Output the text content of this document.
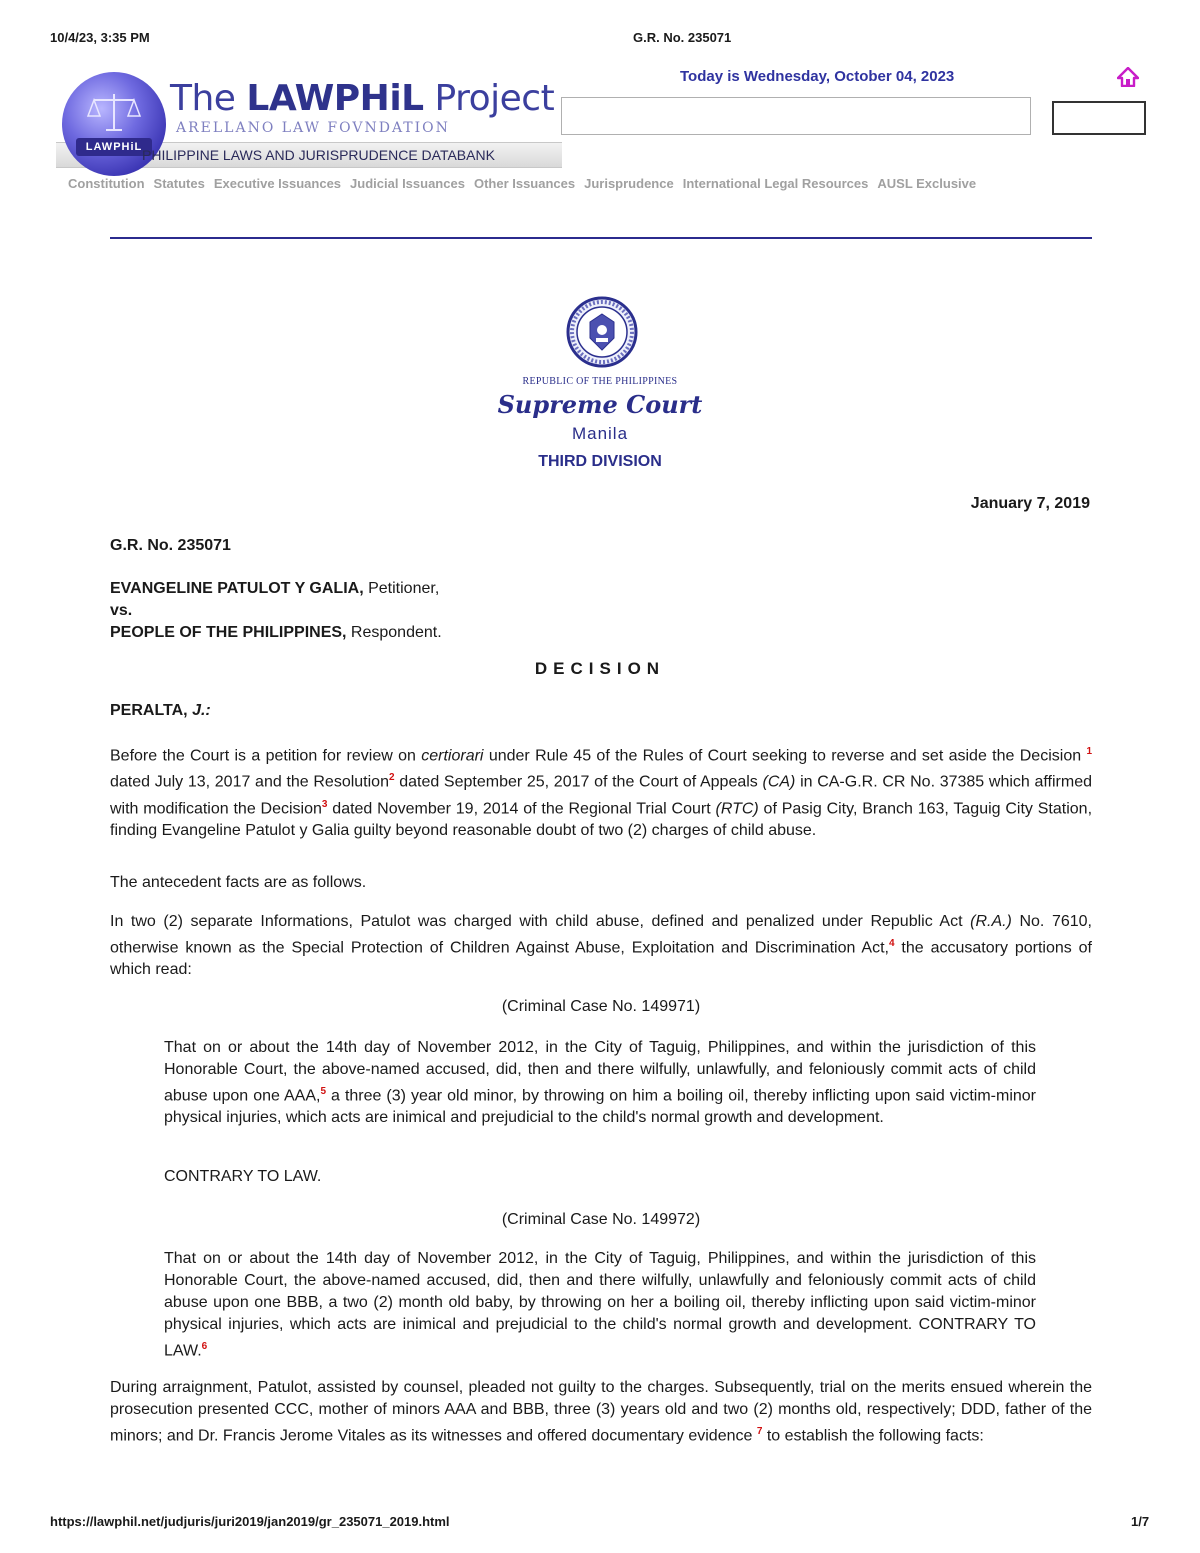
10/4/23, 3:35 PM	G.R. No. 235071
LAWPHiL
The LAWPHiL Project
ARELLANO LAW FOVNDATION
PHILIPPINE LAWS AND JURISPRUDENCE DATABANK
Today is Wednesday, October 04, 2023
Constitution Statutes Executive Issuances Judicial Issuances Other Issuances Jurisprudence International Legal Resources AUSL Exclusive
REPUBLIC OF THE PHILIPPINES
Supreme Court
Manila
THIRD DIVISION
January 7, 2019
G.R. No. 235071
EVANGELINE PATULOT Y GALIA, Petitioner,
vs.
PEOPLE OF THE PHILIPPINES, Respondent.
DECISION
PERALTA, J.:
Before the Court is a petition for review on certiorari under Rule 45 of the Rules of Court seeking to reverse and set aside the Decision $^1$ dated July 13, 2017 and the Resolution$^2$ dated September 25, 2017 of the Court of Appeals (CA) in CA-G.R. CR No. 37385 which affirmed with modification the Decision$^3$ dated November 19, 2014 of the Regional Trial Court (RTC) of Pasig City, Branch 163, Taguig City Station, finding Evangeline Patulot y Galia guilty beyond reasonable doubt of two (2) charges of child abuse.
The antecedent facts are as follows.
In two (2) separate Informations, Patulot was charged with child abuse, defined and penalized under Republic Act (R.A.) No. 7610, otherwise known as the Special Protection of Children Against Abuse, Exploitation and Discrimination Act,$^4$ the accusatory portions of which read:
(Criminal Case No. 149971)
That on or about the 14th day of November 2012, in the City of Taguig, Philippines, and within the jurisdiction of this Honorable Court, the above-named accused, did, then and there wilfully, unlawfully, and feloniously commit acts of child abuse upon one AAA,$^5$ a three (3) year old minor, by throwing on him a boiling oil, thereby inflicting upon said victim-minor physical injuries, which acts are inimical and prejudicial to the child's normal growth and development.
CONTRARY TO LAW.
(Criminal Case No. 149972)
That on or about the 14th day of November 2012, in the City of Taguig, Philippines, and within the jurisdiction of this Honorable Court, the above-named accused, did, then and there wilfully, unlawfully and feloniously commit acts of child abuse upon one BBB, a two (2) month old baby, by throwing on her a boiling oil, thereby inflicting upon said victim-minor physical injuries, which acts are inimical and prejudicial to the child's normal growth and development. CONTRARY TO LAW.$^6$
During arraignment, Patulot, assisted by counsel, pleaded not guilty to the charges. Subsequently, trial on the merits ensued wherein the prosecution presented CCC, mother of minors AAA and BBB, three (3) years old and two (2) months old, respectively; DDD, father of the minors; and Dr. Francis Jerome Vitales as its witnesses and offered documentary evidence $^7$ to establish the following facts:
https://lawphil.net/judjuris/juri2019/jan2019/gr_235071_2019.html	1/7
